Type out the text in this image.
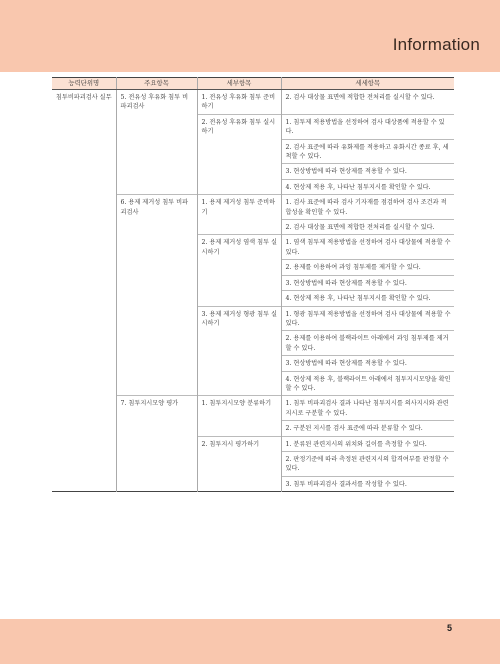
Information
능력단위명	주요항목	세부항목	세세항목
침투비파괴검사 실무	5. 전유성 후유화 침투 비파괴검사	1. 전유성 후유화 침투 준비하기	2. 검사 대상물 표면에 적합한 전처리를 실시할 수 있다.
		2. 전유성 후유화 침투 실시하기	1. 침투제 적용방법을 선정하여 검사 대상품에 적용할 수 있다.
			2. 검사 표준에 따라 유화제를 적용하고 유화시간 종료 후, 세척할 수 있다.
			3. 현상방법에 따라 현상제를 적용할 수 있다.
			4. 현상제 적용 후, 나타난 침투지시를 확인할 수 있다.
	6. 용제 제거성 침투 비파괴검사	1. 용제 제거성 침투 준비하기	1. 검사 표준에 따라 검사 기자재를 점검하여 검사 조건과 적합성을 확인할 수 있다.
			2. 검사 대상물 표면에 적합한 전처리를 실시할 수 있다.
		2. 용제 제거성 염색 침투 실시하기	1. 염색 침투제 적용방법을 선정하여 검사 대상물에 적용할 수 있다.
			2. 용제를 이용하여 과잉 침투제를 제거할 수 있다.
			3. 현상방법에 따라 현상제를 적용할 수 있다.
			4. 현상제 적용 후, 나타난 침투지시를 확인할 수 있다.
		3. 용제 제거성 형광 침투 실시하기	1. 형광 침투제 적용방법을 선정하여 검사 대상물에 적용할 수 있다.
			2. 용제를 이용하여 블랙라이트 아래에서 과잉 침투제를 제거할 수 있다.
			3. 현상방법에 따라 현상제를 적용할 수 있다.
			4. 현상제 적용 후, 블랙라이트 아래에서 침투지시모양을 확인할 수 있다.
	7. 침투지시모양 평가	1. 침투지시모양 분류하기	1. 침투 비파괴검사 결과 나타난 침투지시를 의사지시와 관련지시로 구분할 수 있다.
			2. 구분된 지시를 검사 표준에 따라 분류할 수 있다.
		2. 침투지시 평가하기	1. 분류된 관련지시의 위치와 길이를 측정할 수 있다.
			2. 판정기준에 따라 측정된 관련지시의 합격여부를 판정할 수 있다.
			3. 침투 비파괴검사 결과서를 작성할 수 있다.
5
